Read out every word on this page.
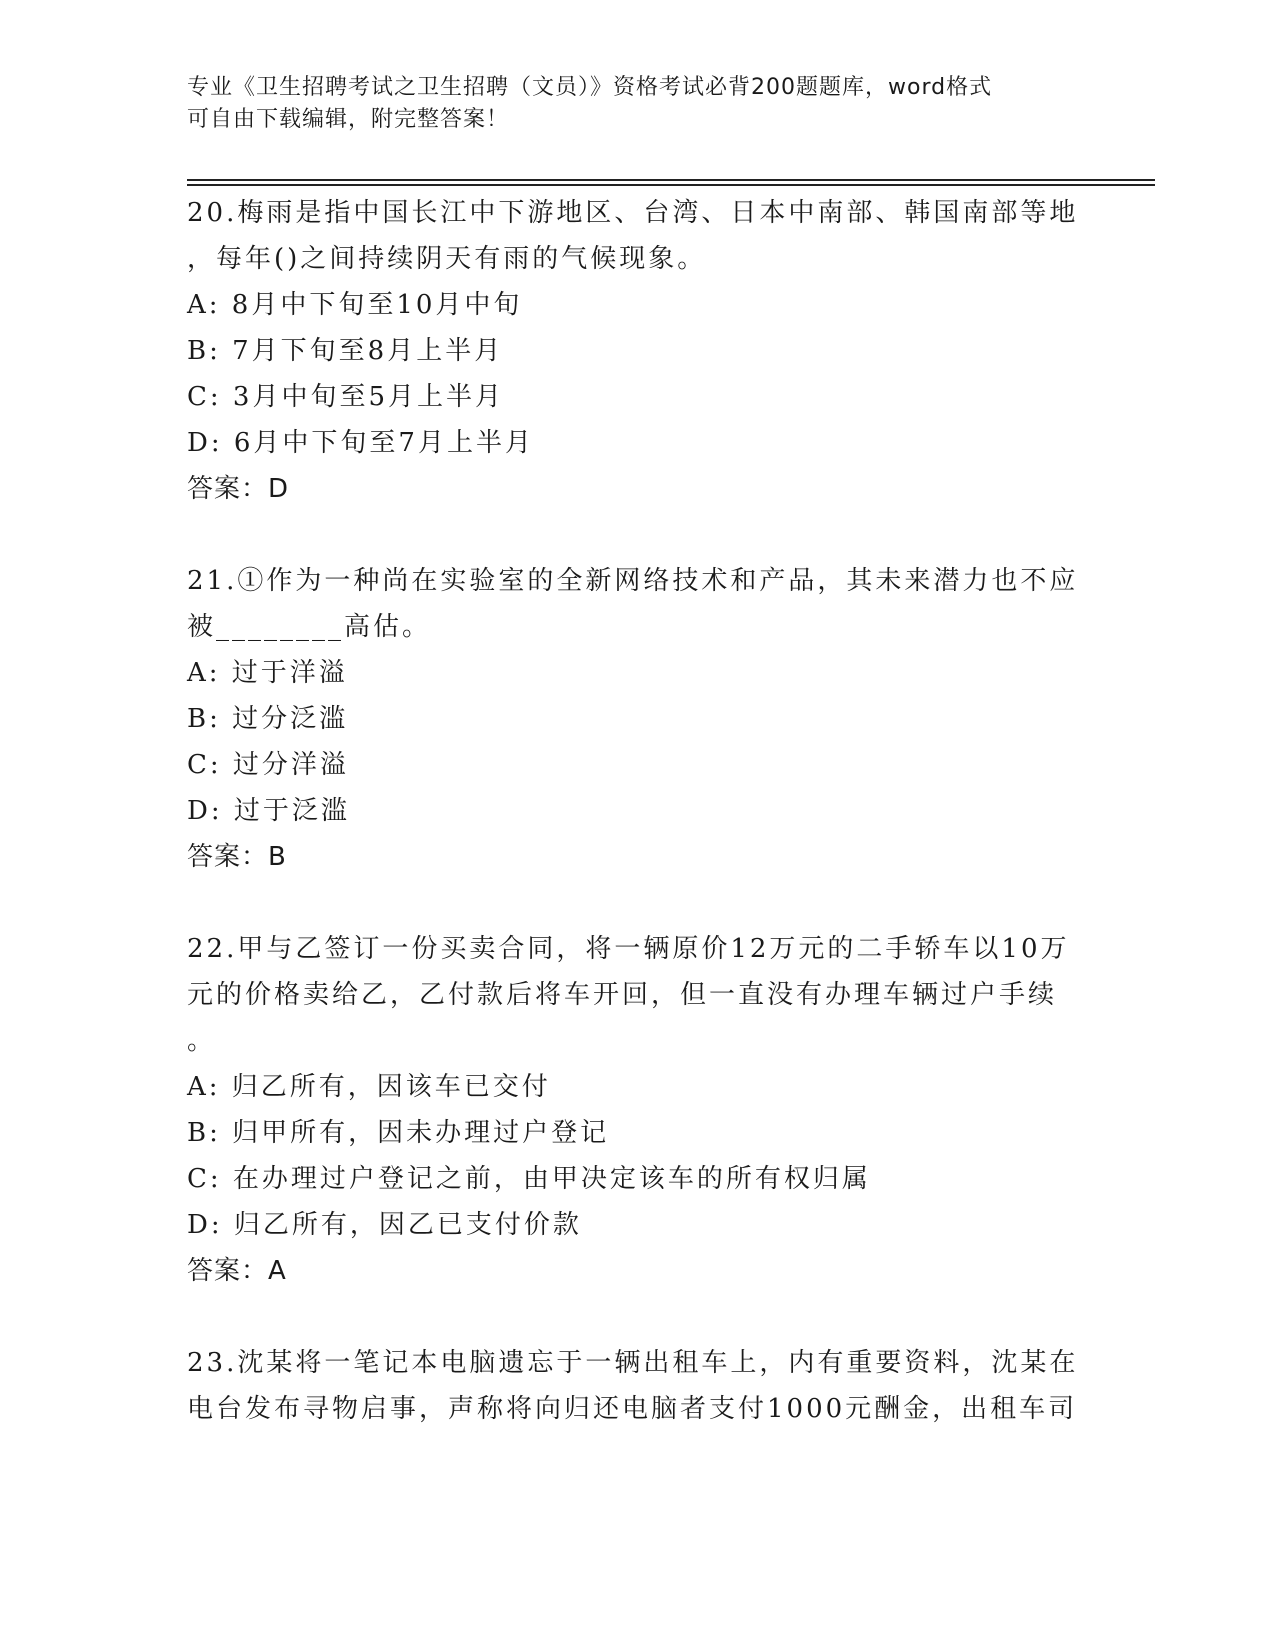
专业《卫生招聘考试之卫生招聘（文员）》资格考试必背200题题库，word格式
可自由下载编辑，附完整答案！
20.梅雨是指中国长江中下游地区、台湾、日本中南部、韩国南部等地
，每年()之间持续阴天有雨的气候现象。
A: 8月中下旬至10月中旬
B: 7月下旬至8月上半月
C: 3月中旬至5月上半月
D: 6月中下旬至7月上半月
答案：D
21.①作为一种尚在实验室的全新网络技术和产品，其未来潜力也不应
被________高估。
A: 过于洋溢
B: 过分泛滥
C: 过分洋溢
D: 过于泛滥
答案：B
22.甲与乙签订一份买卖合同，将一辆原价12万元的二手轿车以10万
元的价格卖给乙，乙付款后将车开回，但一直没有办理车辆过户手续
。
A: 归乙所有，因该车已交付
B: 归甲所有，因未办理过户登记
C: 在办理过户登记之前，由甲决定该车的所有权归属
D: 归乙所有，因乙已支付价款
答案：A
23.沈某将一笔记本电脑遗忘于一辆出租车上，内有重要资料，沈某在
电台发布寻物启事，声称将向归还电脑者支付1000元酬金，出租车司
